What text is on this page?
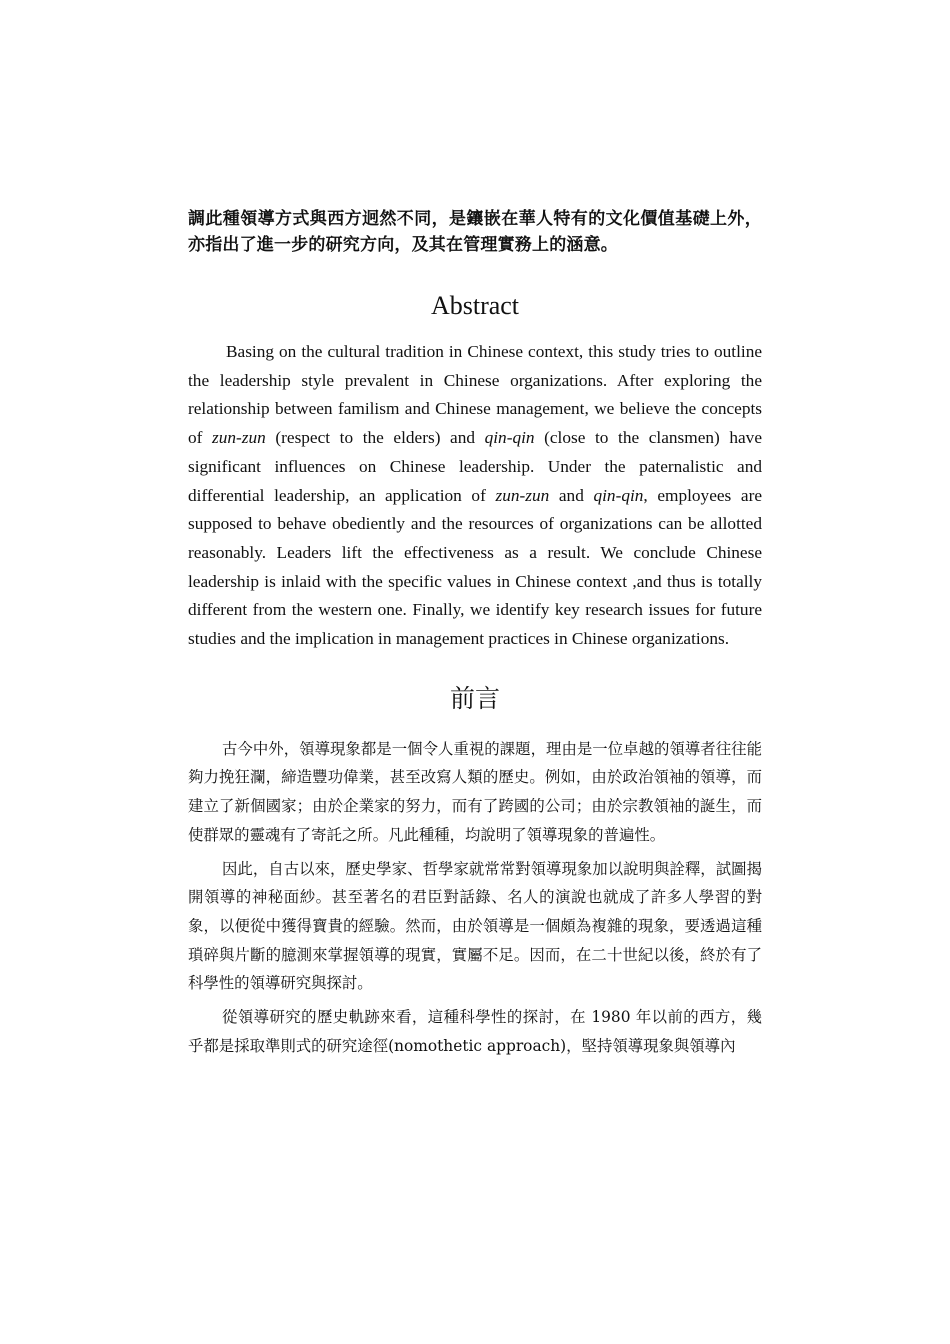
調此種領導方式與西方迥然不同，是鑲嵌在華人特有的文化價值基礎上外，亦指出了進一步的研究方向，及其在管理實務上的涵意。

Abstract

Basing on the cultural tradition in Chinese context, this study tries to outline the leadership style prevalent in Chinese organizations. After exploring the relationship between familism and Chinese management, we believe the concepts of zun-zun (respect to the elders) and qin-qin (close to the clansmen) have significant influences on Chinese leadership. Under the paternalistic and differential leadership, an application of zun-zun and qin-qin, employees are supposed to behave obediently and the resources of organizations can be allotted reasonably. Leaders lift the effectiveness as a result. We conclude Chinese leadership is inlaid with the specific values in Chinese context ,and thus is totally different from the western one. Finally, we identify key research issues for future studies and the implication in management practices in Chinese organizations.

前言

古今中外，領導現象都是一個令人重視的課題，理由是一位卓越的領導者往往能夠力挽狂瀾，締造豐功偉業，甚至改寫人類的歷史。例如，由於政治領袖的領導，而建立了新個國家；由於企業家的努力，而有了跨國的公司；由於宗教領袖的誕生，而使群眾的靈魂有了寄託之所。凡此種種，均說明了領導現象的普遍性。

因此，自古以來，歷史學家、哲學家就常常對領導現象加以說明與詮釋，試圖揭開領導的神秘面紗。甚至著名的君臣對話錄、名人的演說也就成了許多人學習的對象，以便從中獲得寶貴的經驗。然而，由於領導是一個頗為複雜的現象，要透過這種瑣碎與片斷的臆測來掌握領導的現實，實屬不足。因而，在二十世紀以後，終於有了科學性的領導研究與探討。

從領導研究的歷史軌跡來看，這種科學性的探討，在 1980 年以前的西方，幾乎都是採取準則式的研究途徑(nomothetic approach)，堅持領導現象與領導內
